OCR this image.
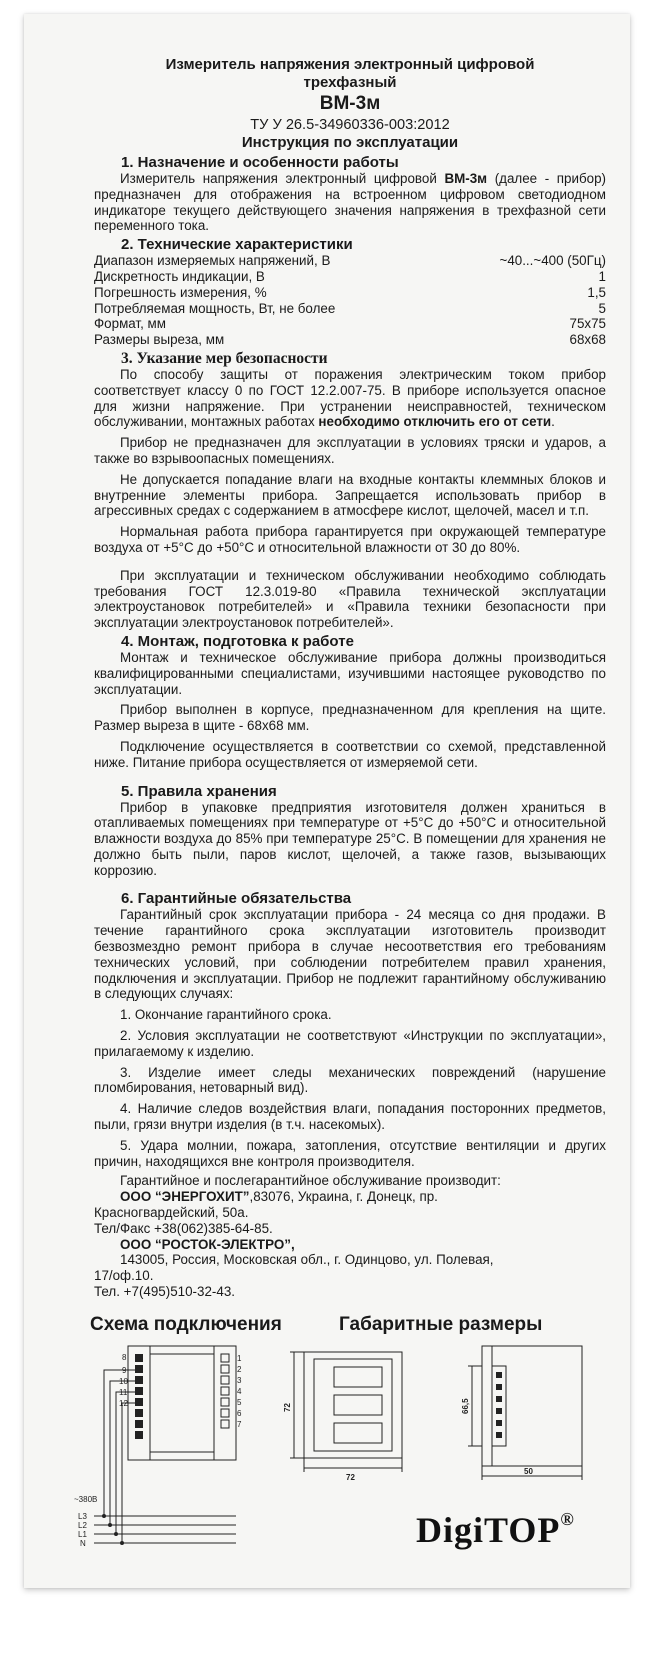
Измеритель напряжения электронный цифровой
трехфазный
ВМ-3м
ТУ У 26.5-34960336-003:2012
Инструкция по эксплуатации
1. Назначение и особенности работы

Измеритель напряжения электронный цифровой ВМ-3м (далее - прибор) предназначен для отображения на встроенном цифровом светодиодном индикаторе текущего действующего значения напряжения в трехфазной сети переменного тока.

2. Технические характеристики
Диапазон измеряемых напряжений, В	~40...~400 (50Гц)
Дискретность индикации, В	1
Погрешность измерения, %	1,5
Потребляемая мощность, Вт, не более	5
Формат, мм	75x75
Размеры выреза, мм	68x68
3. Указание мер безопасности

По способу защиты от поражения электрическим током прибор соответствует классу 0 по ГОСТ 12.2.007-75. В приборе используется опасное для жизни напряжение. При устранении неисправностей, техническом обслуживании, монтажных работах необходимо отключить его от сети.

Прибор не предназначен для эксплуатации в условиях тряски и ударов, а также во взрывоопасных помещениях.

Не допускается попадание влаги на входные контакты клеммных блоков и внутренние элементы прибора. Запрещается использовать прибор в агрессивных средах с содержанием в атмосфере кислот, щелочей, масел и т.п.

Нормальная работа прибора гарантируется при окружающей температуре воздуха от +5°С до +50°С и относительной влажности от 30 до 80%.

При эксплуатации и техническом обслуживании необходимо соблюдать требования ГОСТ 12.3.019-80 «Правила технической эксплуатации электроустановок потребителей» и «Правила техники безопасности при эксплуатации электроустановок потребителей».

4. Монтаж, подготовка к работе

Монтаж и техническое обслуживание прибора должны производиться квалифицированными специалистами, изучившими настоящее руководство по эксплуатации.

Прибор выполнен в корпусе, предназначенном для крепления на щите. Размер выреза в щите - 68х68 мм.

Подключение осуществляется в соответствии со схемой, представленной ниже. Питание прибора осуществляется от измеряемой сети.

5. Правила хранения

Прибор в упаковке предприятия изготовителя должен храниться в отапливаемых помещениях при температуре от +5°С до +50°С и относительной влажности воздуха до 85% при температуре 25°С. В помещении для хранения не должно быть пыли, паров кислот, щелочей, а также газов, вызывающих коррозию.

6. Гарантийные обязательства

Гарантийный срок эксплуатации прибора - 24 месяца со дня продажи. В течение гарантийного срока эксплуатации изготовитель производит безвозмездно ремонт прибора в случае несоответствия его требованиям технических условий, при соблюдении потребителем правил хранения, подключения и эксплуатации. Прибор не подлежит гарантийному обслуживанию в следующих случаях:

1. Окончание гарантийного срока.

2. Условия эксплуатации не соответствуют «Инструкции по эксплуатации», прилагаемому к изделию.

3. Изделие имеет следы механических повреждений (нарушение пломбирования, нетоварный вид).

4. Наличие следов воздействия влаги, попадания посторонних предметов, пыли, грязи внутри изделия (в т.ч. насекомых).

5. Удара молнии, пожара, затопления, отсутствие вентиляции и других причин, находящихся вне контроля производителя.

Гарантийное и послегарантийное обслуживание производит:
ООО “ЭНЕРГОХИТ”,83076, Украина, г. Донецк, пр.
Красногвардейский, 50а.
Тел/Факс +38(062)385-64-85.
ООО “РОСТОК-ЭЛЕКТРО”,
143005, Россия, Московская обл., г. Одинцово, ул. Полевая,
17/оф.10.
Тел. +7(495)510-32-43.
Схема подключения	Габаритные размеры
8
9
10
11
12
1
2
3
4
5
6
7
~380В
L3
L2
L1
N
72
72
66,5
50
DigiTOP®
